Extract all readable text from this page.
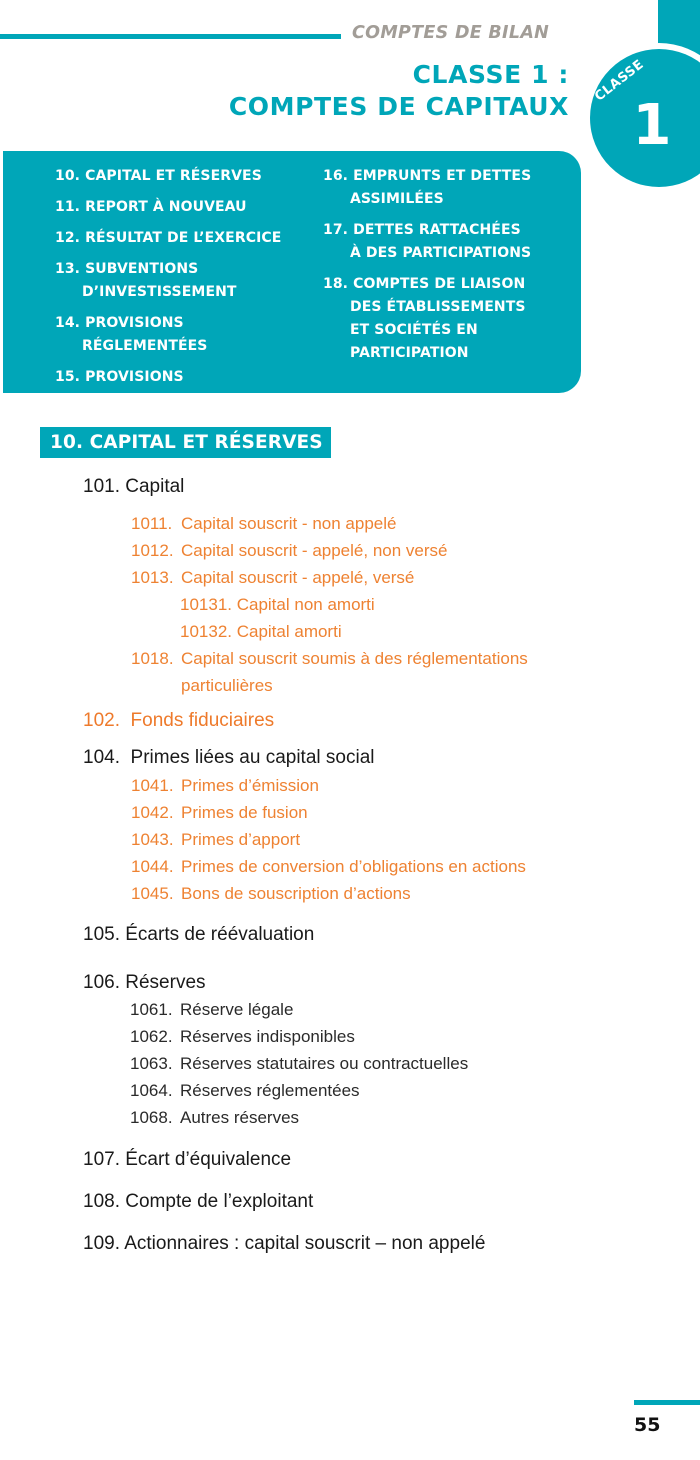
COMPTES DE BILAN
CLASSE 1 :
COMPTES DE CAPITAUX
CLASSE
1
10. CAPITAL ET RÉSERVES
11. REPORT À NOUVEAU
12. RÉSULTAT DE L’EXERCICE
13. SUBVENTIONS
D’INVESTISSEMENT
14. PROVISIONS
RÉGLEMENTÉES
15. PROVISIONS
16. EMPRUNTS ET DETTES
ASSIMILÉES
17. DETTES RATTACHÉES
À DES PARTICIPATIONS
18. COMPTES DE LIAISON
DES ÉTABLISSEMENTS
ET SOCIÉTÉS EN
PARTICIPATION
10. CAPITAL ET RÉSERVES
101. Capital
1011. Capital souscrit - non appelé
1012. Capital souscrit - appelé, non versé
1013. Capital souscrit - appelé, versé
10131. Capital non amorti
10132. Capital amorti
1018. Capital souscrit soumis à des réglementations
particulières
102.  Fonds fiduciaires
104.  Primes liées au capital social
1041. Primes d’émission
1042. Primes de fusion
1043. Primes d’apport
1044. Primes de conversion d’obligations en actions
1045. Bons de souscription d’actions
105. Écarts de réévaluation
106. Réserves
1061. Réserve légale
1062. Réserves indisponibles
1063. Réserves statutaires ou contractuelles
1064. Réserves réglementées
1068. Autres réserves
107. Écart d’équivalence
108. Compte de l’exploitant
109. Actionnaires : capital souscrit – non appelé
55
